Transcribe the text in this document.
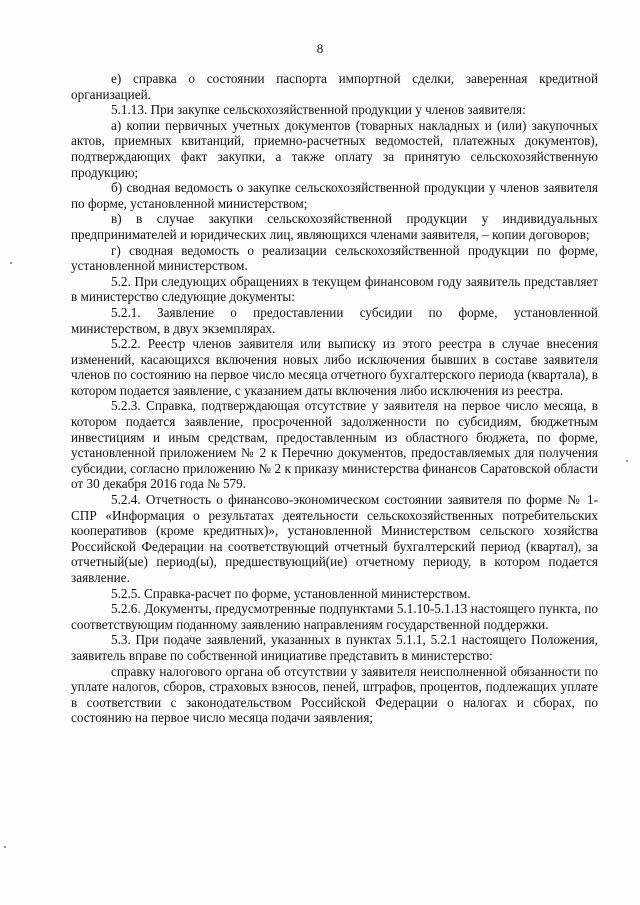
8

е) справка о состоянии паспорта импортной сделки, заверенная кредитной организацией.

5.1.13. При закупке сельскохозяйственной продукции у членов заявителя:

а) копии первичных учетных документов (товарных накладных и (или) закупочных актов, приемных квитанций, приемно-расчетных ведомостей, платежных документов), подтверждающих факт закупки, а также оплату за принятую сельскохозяйственную продукцию;

б) сводная ведомость о закупке сельскохозяйственной продукции у членов заявителя по форме, установленной министерством;

в) в случае закупки сельскохозяйственной продукции у индивидуальных предпринимателей и юридических лиц, являющихся членами заявителя, – копии договоров;

г) сводная ведомость о реализации сельскохозяйственной продукции по форме, установленной министерством.

5.2. При следующих обращениях в текущем финансовом году заявитель представляет в министерство следующие документы:

5.2.1. Заявление о предоставлении субсидии по форме, установленной министерством, в двух экземплярах.

5.2.2. Реестр членов заявителя или выписку из этого реестра в случае внесения изменений, касающихся включения новых либо исключения бывших в составе заявителя членов по состоянию на первое число месяца отчетного бухгалтерского периода (квартала), в котором подается заявление, с указанием даты включения либо исключения из реестра.

5.2.3. Справка, подтверждающая отсутствие у заявителя на первое число месяца, в котором подается заявление, просроченной задолженности по субсидиям, бюджетным инвестициям и иным средствам, предоставленным из областного бюджета, по форме, установленной приложением № 2 к Перечню документов, предоставляемых для получения субсидии, согласно приложению № 2 к приказу министерства финансов Саратовской области от 30 декабря 2016 года № 579.

5.2.4. Отчетность о финансово-экономическом состоянии заявителя по форме № 1-СПР «Информация о результатах деятельности сельскохозяйственных потребительских кооперативов (кроме кредитных)», установленной Министерством сельского хозяйства Российской Федерации на соответствующий отчетный бухгалтерский период (квартал), за отчетный(ые) период(ы), предшествующий(ие) отчетному периоду, в котором подается заявление.

5.2.5. Справка-расчет по форме, установленной министерством.

5.2.6. Документы, предусмотренные подпунктами 5.1.10-5.1.13 настоящего пункта, по соответствующим поданному заявлению направлениям государственной поддержки.

5.3. При подаче заявлений, указанных в пунктах 5.1.1, 5.2.1 настоящего Положения, заявитель вправе по собственной инициативе представить в министерство:

справку налогового органа об отсутствии у заявителя неисполненной обязанности по уплате налогов, сборов, страховых взносов, пеней, штрафов, процентов, подлежащих уплате в соответствии с законодательством Российской Федерации о налогах и сборах, по состоянию на первое число месяца подачи заявления;
